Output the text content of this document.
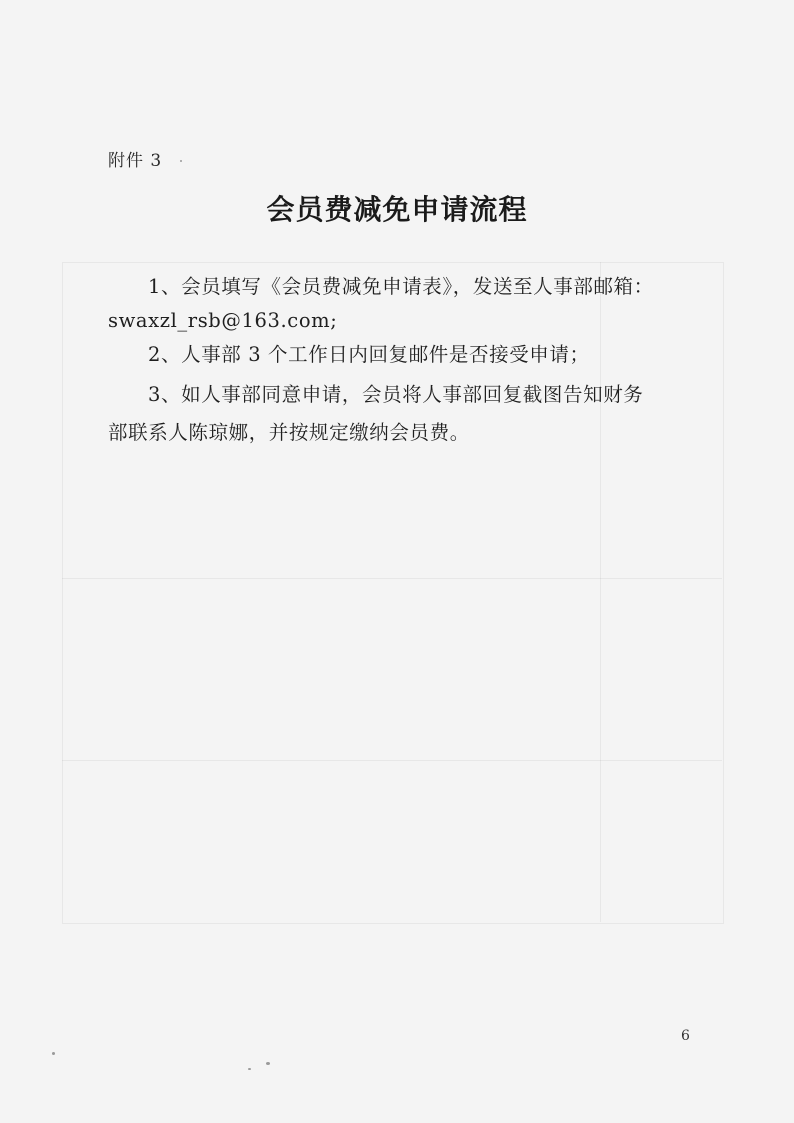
附件 3
会员费减免申请流程
1、会员填写《会员费减免申请表》，发送至人事部邮箱：
swaxzl_rsb@163.com;
2、人事部 3 个工作日内回复邮件是否接受申请；
3、如人事部同意申请，会员将人事部回复截图告知财务
部联系人陈琼娜，并按规定缴纳会员费。
6
